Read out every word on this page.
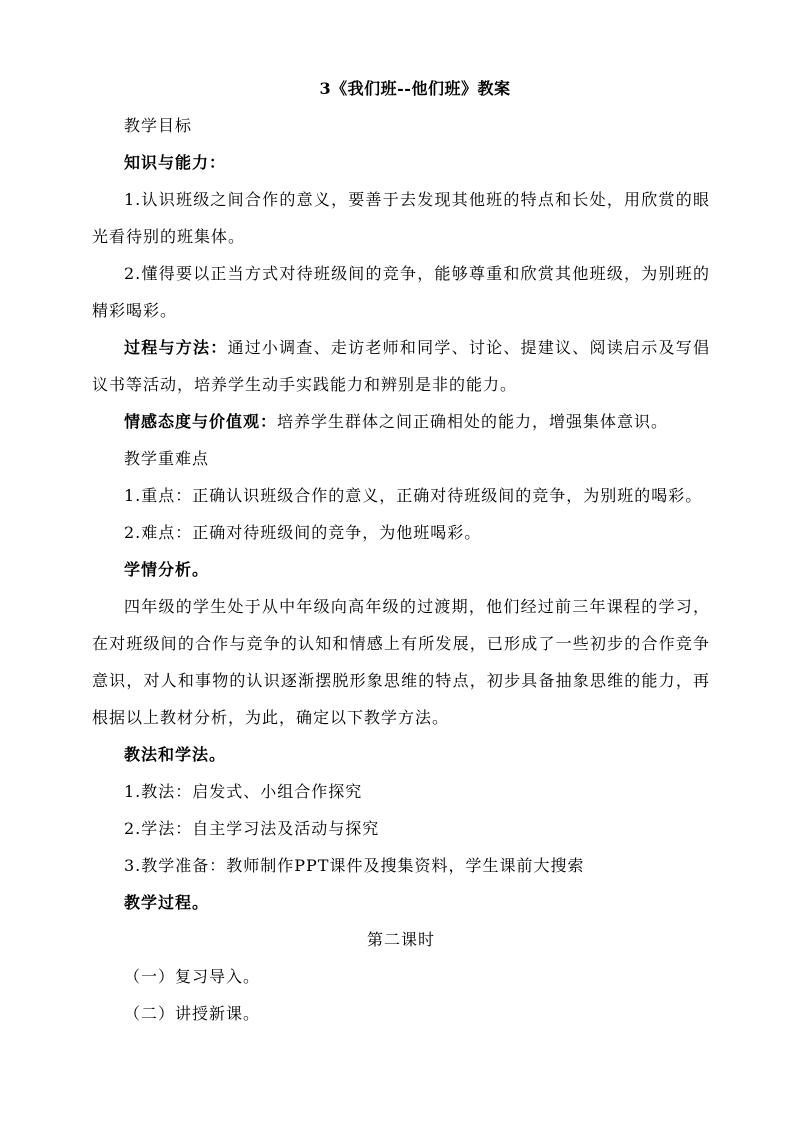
3《我们班--他们班》教案

教学目标

知识与能力：

1.认识班级之间合作的意义，要善于去发现其他班的特点和长处，用欣赏的眼光看待别的班集体。

2.懂得要以正当方式对待班级间的竞争，能够尊重和欣赏其他班级，为别班的精彩喝彩。

过程与方法：通过小调查、走访老师和同学、讨论、提建议、阅读启示及写倡议书等活动，培养学生动手实践能力和辨别是非的能力。

情感态度与价值观：培养学生群体之间正确相处的能力，增强集体意识。

教学重难点

1.重点：正确认识班级合作的意义，正确对待班级间的竞争，为别班的喝彩。

2.难点：正确对待班级间的竞争，为他班喝彩。

学情分析。

四年级的学生处于从中年级向高年级的过渡期，他们经过前三年课程的学习，在对班级间的合作与竞争的认知和情感上有所发展，已形成了一些初步的合作竞争意识，对人和事物的认识逐渐摆脱形象思维的特点，初步具备抽象思维的能力，再根据以上教材分析，为此，确定以下教学方法。

教法和学法。

1.教法：启发式、小组合作探究

2.学法：自主学习法及活动与探究

3.教学准备：教师制作PPT课件及搜集资料，学生课前大搜索

教学过程。

第二课时

（一）复习导入。

（二）讲授新课。
